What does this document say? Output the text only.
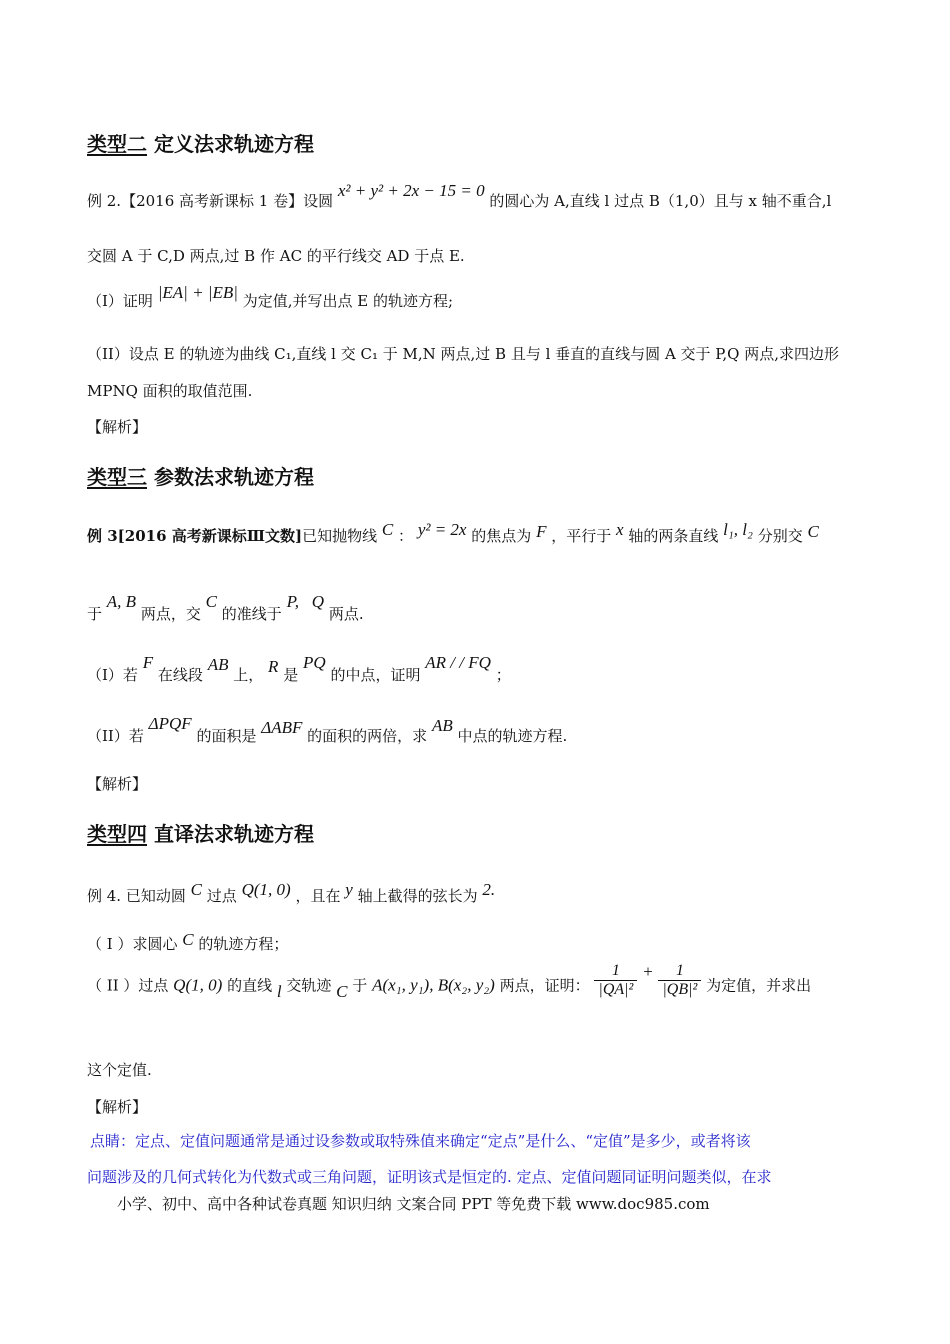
类型二 定义法求轨迹方程
例 2.【2016 高考新课标 1 卷】设圆 x² + y² + 2x − 15 = 0 的圆心为 A,直线 l 过点 B（1,0）且与 x 轴不重合,l
交圆 A 于 C,D 两点,过 B 作 AC 的平行线交 AD 于点 E.
（I）证明 |EA| + |EB| 为定值,并写出点 E 的轨迹方程;
（II）设点 E 的轨迹为曲线 C₁,直线 l 交 C₁ 于 M,N 两点,过 B 且与 l 垂直的直线与圆 A 交于 P,Q 两点,求四边形
MPNQ 面积的取值范围.
【解析】
类型三 参数法求轨迹方程
例 3[2016 高考新课标Ⅲ文数]已知抛物线 C ： y² = 2x 的焦点为 F ，平行于 x 轴的两条直线 l₁, l₂ 分别交 C
于 A, B 两点，交 C 的准线于 P,   Q 两点.
（I）若 F 在线段 AB 上， R 是 PQ 的中点，证明 AR / / FQ ；
（II）若 ΔPQF 的面积是 ΔABF 的面积的两倍，求 AB 中点的轨迹方程.
【解析】
类型四 直译法求轨迹方程
例 4. 已知动圆 C 过点 Q(1, 0) ，且在 y 轴上截得的弦长为 2.
（ I ）求圆心 C 的轨迹方程；
（ II ）过点 Q(1, 0) 的直线 l 交轨迹 C 于 A(x₁, y₁), B(x₂, y₂) 两点，证明： $\frac{1}{\text{|QA|²}} + \frac{1}{\text{|QB|²}}$ 为定值，并求出
这个定值.
【解析】
点睛：定点、定值问题通常是通过设参数或取特殊值来确定“定点”是什么、“定值”是多少，或者将该
问题涉及的几何式转化为代数式或三角问题，证明该式是恒定的. 定点、定值问题同证明问题类似，在求
小学、初中、高中各种试卷真题 知识归纳 文案合同 PPT 等免费下载 www.doc985.com
